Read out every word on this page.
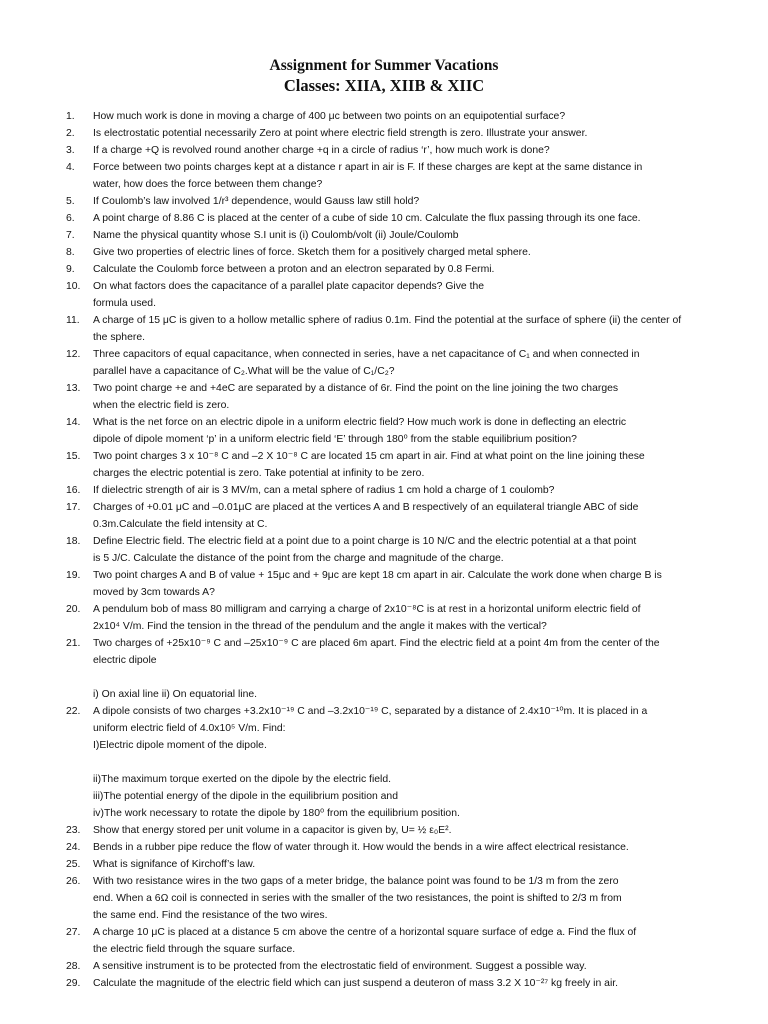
Assignment for Summer Vacations
Classes: XIIA, XIIB & XIIC
1.	How much work is done in moving a charge of 400 μc between two points on an equipotential surface?
2.	Is electrostatic potential necessarily Zero at point where electric field strength is zero. Illustrate your answer.
3.	If a charge +Q is revolved round another charge +q in a circle of radius ‘r’, how much work is done?
4.	Force between two points charges kept at a distance r apart in air is F. If these charges are kept at the same distance in
water, how does the force between them change?
5.	If Coulomb’s law involved 1/r³ dependence, would Gauss law still hold?
6.	A point charge of 8.86 C is placed at the center of a cube of side 10 cm. Calculate the flux passing through its one face.
7.	Name the physical quantity whose S.I unit is (i) Coulomb/volt (ii) Joule/Coulomb
8.	Give two properties of electric lines of force. Sketch them for a positively charged metal sphere.
9.	Calculate the Coulomb force between a proton and an electron separated by 0.8 Fermi.
10.	On what factors does the capacitance of a parallel plate capacitor depends? Give the
formula used.
11.	A charge of 15 μC is given to a hollow metallic sphere of radius 0.1m. Find the potential at the surface of sphere (ii) the center of
the sphere.
12.	Three capacitors of equal capacitance, when connected in series, have a net capacitance of C₁ and when connected in
parallel have a capacitance of C₂.What will be the value of C₁/C₂?
13.	Two point charge +e and +4eC are separated by a distance of 6r. Find the point on the line joining the two charges
when the electric field is zero.
14.	What is the net force on an electric dipole in a uniform electric field? How much work is done in deflecting an electric
dipole of dipole moment ‘p’ in a uniform electric field ‘E’ through 180⁰ from the stable equilibrium position?
15.	Two point charges 3 x 10⁻⁸ C and –2 X 10⁻⁸ C are located 15 cm apart in air. Find at what point on the line joining these
charges the electric potential is zero. Take potential at infinity to be zero.
16.	If dielectric strength of air is 3 MV/m, can a metal sphere of radius 1 cm hold a charge of 1 coulomb?
17.	Charges of +0.01 μC and –0.01μC are placed at the vertices A and B respectively of an equilateral triangle ABC of side
0.3m.Calculate the field intensity at C.
18.	Define Electric field. The electric field at a point due to a point charge is 10 N/C and the electric potential at a that point
is 5 J/C. Calculate the distance of the point from the charge and magnitude of the charge.
19.	Two point charges A and B of value + 15μc and + 9μc are kept 18 cm apart in air. Calculate the work done when charge B is
moved by 3cm towards A?
20.	A pendulum bob of mass 80 milligram and carrying a charge of 2x10⁻⁸C is at rest in a horizontal uniform electric field of
2x10⁴ V/m. Find the tension in the thread of the pendulum and the angle it makes with the vertical?
21.	Two charges of +25x10⁻⁹ C and –25x10⁻⁹ C are placed 6m apart. Find the electric field at a point 4m from the center of the
electric dipole
i) On axial line ii) On equatorial line.
22.	A dipole consists of two charges +3.2x10⁻¹⁹ C and –3.2x10⁻¹⁹ C, separated by a distance of 2.4x10⁻¹⁰m. It is placed in a
uniform electric field of 4.0x10⁵ V/m. Find:
I)Electric dipole moment of the dipole.
ii)The maximum torque exerted on the dipole by the electric field.
iii)The potential energy of the dipole in the equilibrium position and
iv)The work necessary to rotate the dipole by 180⁰ from the equilibrium position.
23.	Show that energy stored per unit volume in a capacitor is given by, U= ½ ε₀E².
24.	Bends in a rubber pipe reduce the flow of water through it. How would the bends in a wire affect electrical resistance.
25.	What is signifance of Kirchoff’s law.
26.	With two resistance wires in the two gaps of a meter bridge, the balance point was found to be 1/3 m from the zero
end. When a 6Ω coil is connected in series with the smaller of the two resistances, the point is shifted to 2/3 m from
the same end. Find the resistance of the two wires.
27.	A charge 10 μC is placed at a distance 5 cm above the centre of a horizontal square surface of edge a. Find the flux of
the electric field through the square surface.
28.	A sensitive instrument is to be protected from the electrostatic field of environment. Suggest a possible way.
29.	Calculate the magnitude of the electric field which can just suspend a deuteron of mass 3.2 X 10⁻²⁷ kg freely in air.
